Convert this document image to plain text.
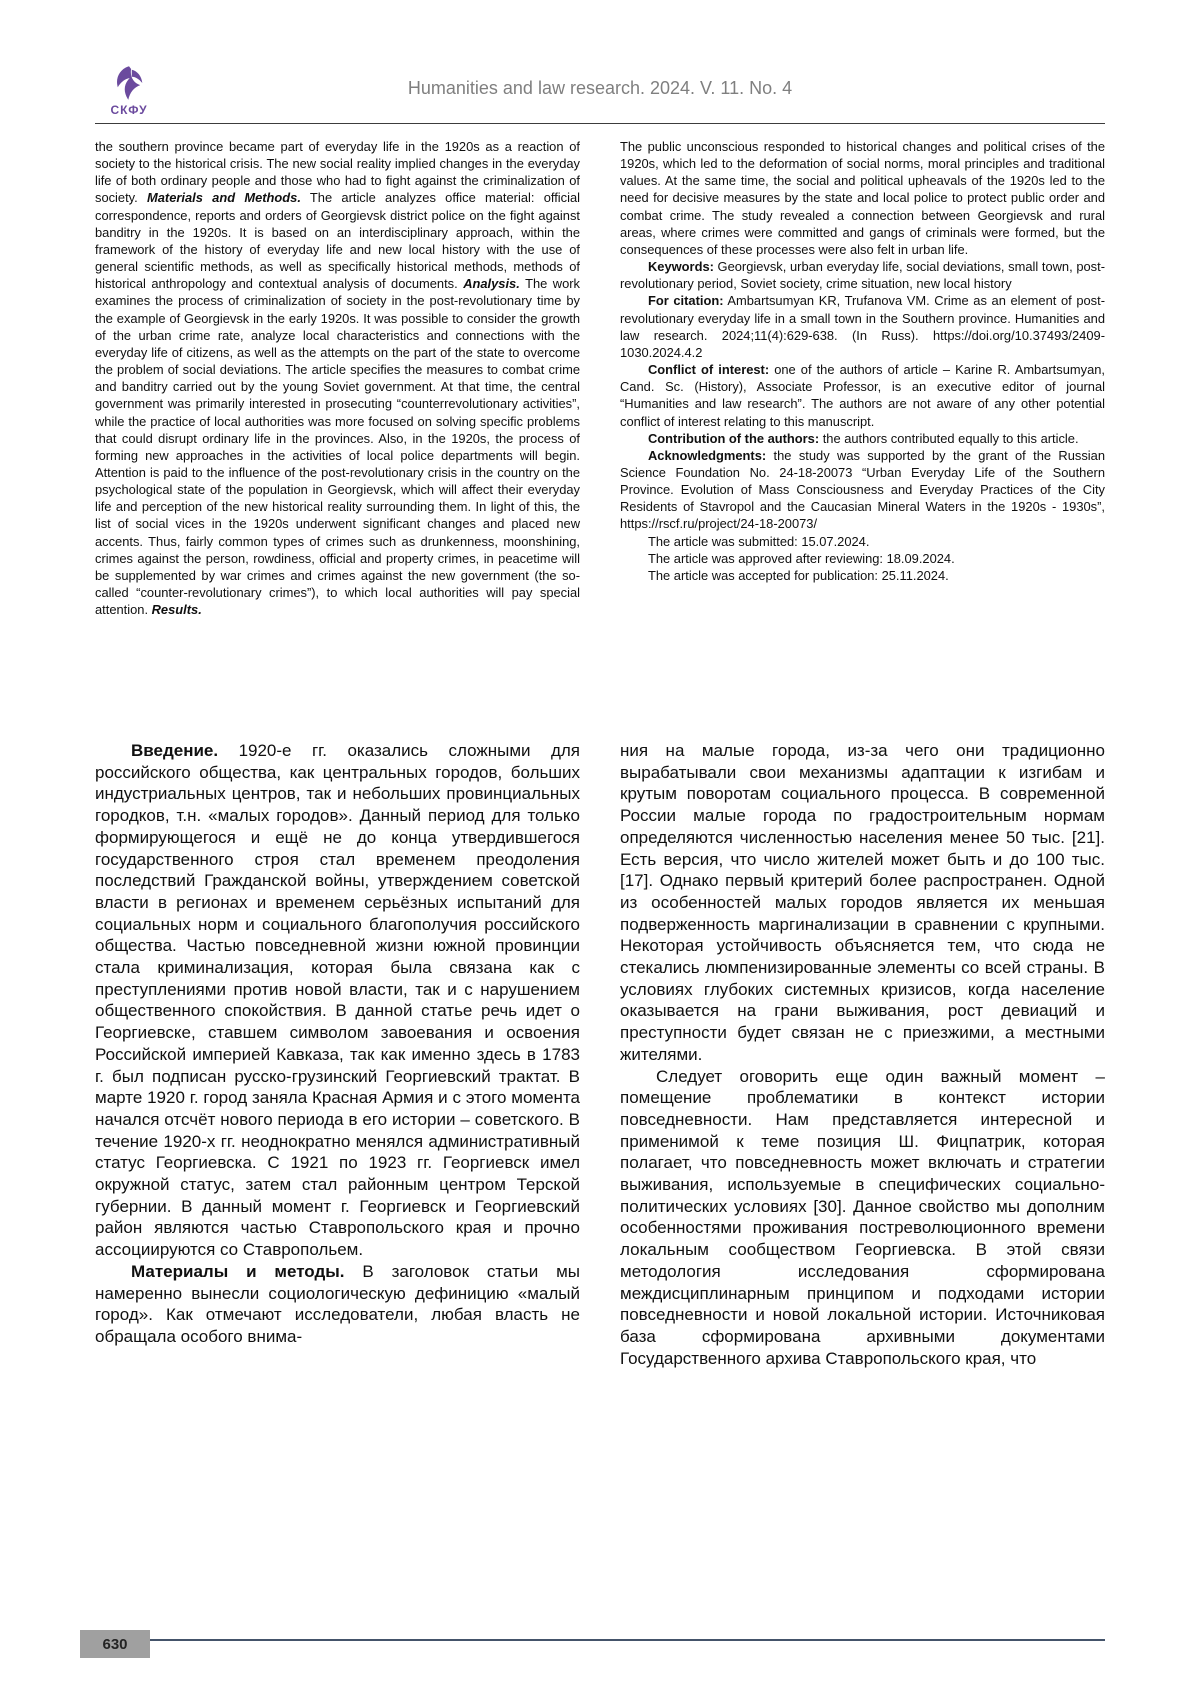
СКФУ
Humanities and law research. 2024. V. 11. No. 4

the southern province became part of everyday life in the 1920s as a reaction of society to the historical crisis. The new social reality implied changes in the everyday life of both ordinary people and those who had to fight against the criminalization of society. Materials and Methods. The article analyzes office material: official correspondence, reports and orders of Georgievsk district police on the fight against banditry in the 1920s. It is based on an interdisciplinary approach, within the framework of the history of everyday life and new local history with the use of general scientific methods, as well as specifically historical methods, methods of historical anthropology and contextual analysis of documents. Analysis. The work examines the process of criminalization of society in the post-revolutionary time by the example of Georgievsk in the early 1920s. It was possible to consider the growth of the urban crime rate, analyze local characteristics and connections with the everyday life of citizens, as well as the attempts on the part of the state to overcome the problem of social deviations. The article specifies the measures to combat crime and banditry carried out by the young Soviet government. At that time, the central government was primarily interested in prosecuting “counterrevolutionary activities”, while the practice of local authorities was more focused on solving specific problems that could disrupt ordinary life in the provinces. Also, in the 1920s, the process of forming new approaches in the activities of local police departments will begin. Attention is paid to the influence of the post-revolutionary crisis in the country on the psychological state of the population in Georgievsk, which will affect their everyday life and perception of the new historical reality surrounding them. In light of this, the list of social vices in the 1920s underwent significant changes and placed new accents. Thus, fairly common types of crimes such as drunkenness, moonshining, crimes against the person, rowdiness, official and property crimes, in peacetime will be supplemented by war crimes and crimes against the new government (the so-called “counter-revolutionary crimes”), to which local authorities will pay special attention. Results.

The public unconscious responded to historical changes and political crises of the 1920s, which led to the deformation of social norms, moral principles and traditional values. At the same time, the social and political upheavals of the 1920s led to the need for decisive measures by the state and local police to protect public order and combat crime. The study revealed a connection between Georgievsk and rural areas, where crimes were committed and gangs of criminals were formed, but the consequences of these processes were also felt in urban life.

Keywords: Georgievsk, urban everyday life, social deviations, small town, post-revolutionary period, Soviet society, crime situation, new local history

For citation: Ambartsumyan KR, Trufanova VM. Crime as an element of post-revolutionary everyday life in a small town in the Southern province. Humanities and law research. 2024;11(4):629-638. (In Russ). https://doi.org/10.37493/2409-1030.2024.4.2

Conflict of interest: one of the authors of article – Karine R. Ambartsumyan, Cand. Sc. (History), Associate Professor, is an executive editor of journal “Humanities and law research”. The authors are not aware of any other potential conflict of interest relating to this manuscript.

Contribution of the authors: the authors contributed equally to this article.

Acknowledgments: the study was supported by the grant of the Russian Science Foundation No. 24-18-20073 “Urban Everyday Life of the Southern Province. Evolution of Mass Consciousness and Everyday Practices of the City Residents of Stavropol and the Caucasian Mineral Waters in the 1920s - 1930s”, https://rscf.ru/project/24-18-20073/

The article was submitted: 15.07.2024.

The article was approved after reviewing: 18.09.2024.

The article was accepted for publication: 25.11.2024.

Введение. 1920-е гг. оказались сложными для российского общества, как центральных городов, больших индустриальных центров, так и небольших провинциальных городков, т.н. «малых городов». Данный период для только формирующегося и ещё не до конца утвердившегося государственного строя стал временем преодоления последствий Гражданской войны, утверждением советской власти в регионах и временем серьёзных испытаний для социальных норм и социального благополучия российского общества. Частью повседневной жизни южной провинции стала криминализация, которая была связана как с преступлениями против новой власти, так и с нарушением общественного спокойствия. В данной статье речь идет о Георгиевске, ставшем символом завоевания и освоения Российской империей Кавказа, так как именно здесь в 1783 г. был подписан русско-грузинский Георгиевский трактат. В марте 1920 г. город заняла Красная Армия и с этого момента начался отсчёт нового периода в его истории – советского. В течение 1920-х гг. неоднократно менялся административный статус Георгиевска. С 1921 по 1923 гг. Георгиевск имел окружной статус, затем стал районным центром Терской губернии. В данный момент г. Георгиевск и Георгиевский район являются частью Ставропольского края и прочно ассоциируются со Ставропольем.

Материалы и методы. В заголовок статьи мы намеренно вынесли социологическую дефиницию «малый город». Как отмечают исследователи, любая власть не обращала особого внима-

ния на малые города, из-за чего они традиционно вырабатывали свои механизмы адаптации к изгибам и крутым поворотам социального процесса. В современной России малые города по градостроительным нормам определяются численностью населения менее 50 тыс. [21]. Есть версия, что число жителей может быть и до 100 тыс. [17]. Однако первый критерий более распространен. Одной из особенностей малых городов является их меньшая подверженность маргинализации в сравнении с крупными. Некоторая устойчивость объясняется тем, что сюда не стекались люмпенизированные элементы со всей страны. В условиях глубоких системных кризисов, когда население оказывается на грани выживания, рост девиаций и преступности будет связан не с приезжими, а местными жителями.

Следует оговорить еще один важный момент – помещение проблематики в контекст истории повседневности. Нам представляется интересной и применимой к теме позиция Ш. Фицпатрик, которая полагает, что повседневность может включать и стратегии выживания, используемые в специфических социально-политических условиях [30]. Данное свойство мы дополним особенностями проживания постреволюционного времени локальным сообществом Георгиевска. В этой связи методология исследования сформирована междисциплинарным принципом и подходами истории повседневности и новой локальной истории. Источниковая база сформирована архивными документами Государственного архива Ставропольского края, что

630
